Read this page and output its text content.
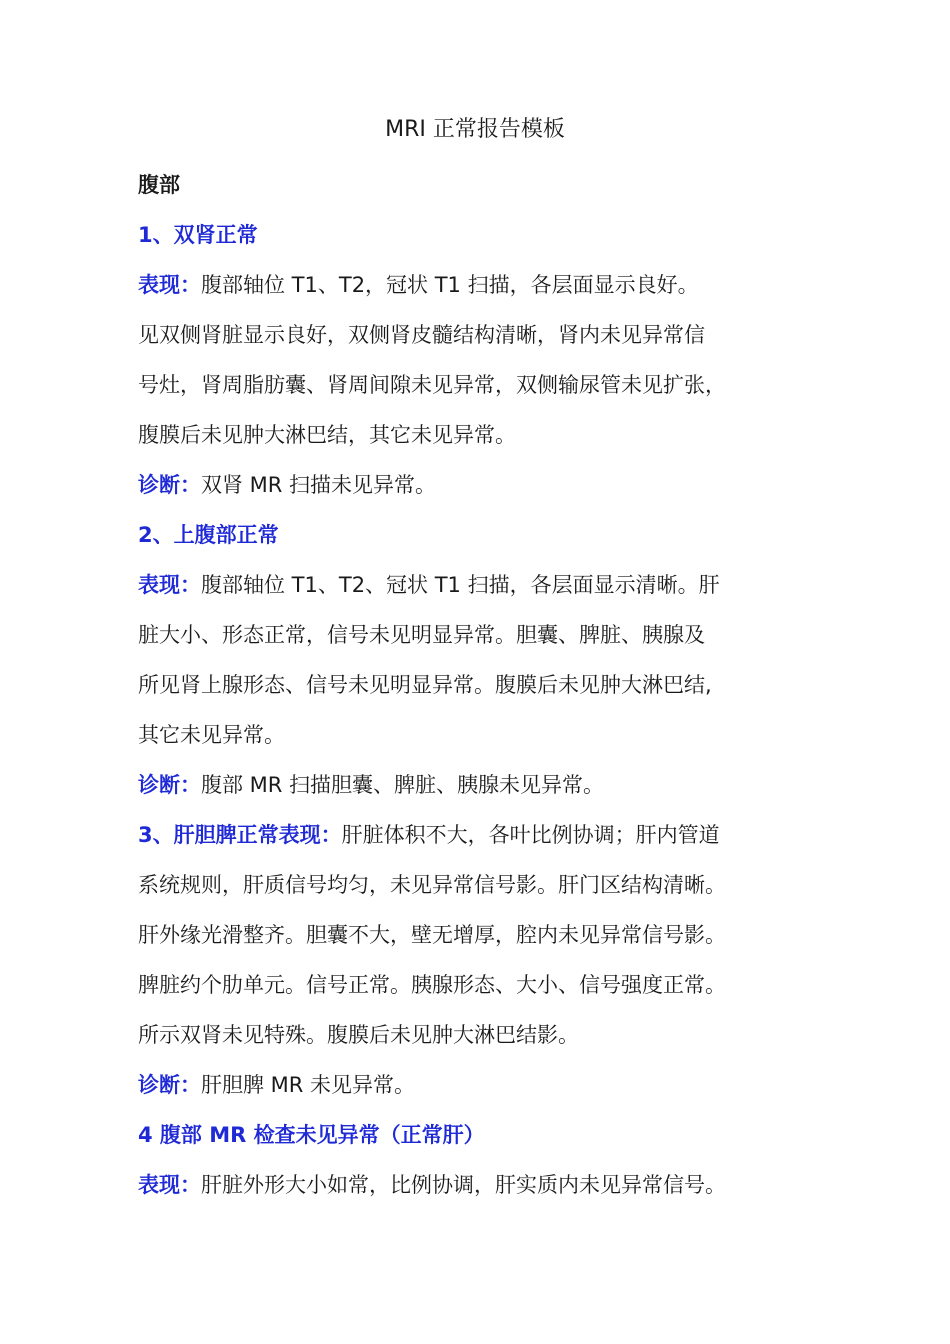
MRI 正常报告模板
腹部
1、双肾正常
表现：腹部轴位 T1、T2，冠状 T1 扫描，各层面显示良好。
见双侧肾脏显示良好，双侧肾皮髓结构清晰，肾内未见异常信
号灶，肾周脂肪囊、肾周间隙未见异常，双侧输尿管未见扩张，
腹膜后未见肿大淋巴结，其它未见异常。
诊断：双肾 MR 扫描未见异常。
2、上腹部正常
表现：腹部轴位 T1、T2、冠状 T1 扫描，各层面显示清晰。肝
脏大小、形态正常，信号未见明显异常。胆囊、脾脏、胰腺及
所见肾上腺形态、信号未见明显异常。腹膜后未见肿大淋巴结,
其它未见异常。
诊断：腹部 MR 扫描胆囊、脾脏、胰腺未见异常。
3、肝胆脾正常表现：肝脏体积不大，各叶比例协调；肝内管道
系统规则，肝质信号均匀，未见异常信号影。肝门区结构清晰。
肝外缘光滑整齐。胆囊不大，壁无增厚，腔内未见异常信号影。
脾脏约个肋单元。信号正常。胰腺形态、大小、信号强度正常。
所示双肾未见特殊。腹膜后未见肿大淋巴结影。
诊断：肝胆脾 MR 未见异常。
4 腹部 MR 检查未见异常（正常肝）
表现：肝脏外形大小如常，比例协调，肝实质内未见异常信号。
